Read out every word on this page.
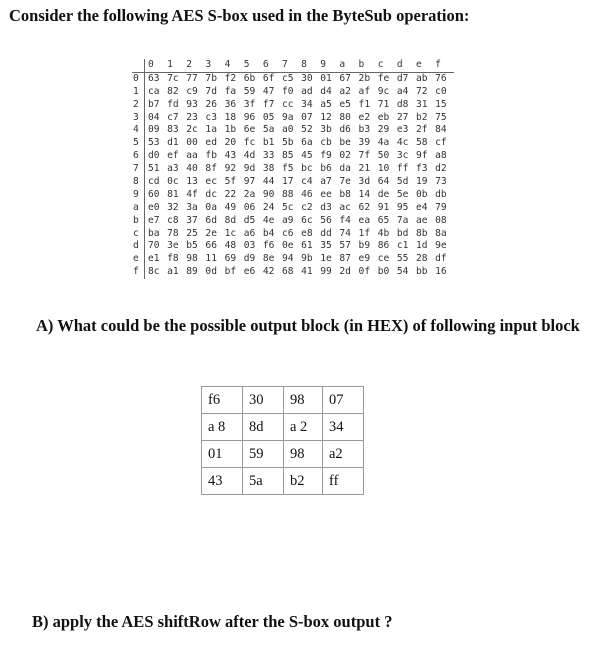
Consider the following AES S-box used in the ByteSub operation:
0	1	2	3	4	5	6	7	8	9	a	b	c	d	e	f
0 63 7c 77 7b f2 6b 6f c5 30 01 67 2b fe d7 ab 76
1 ca 82 c9 7d fa 59 47 f0 ad d4 a2 af 9c a4 72 c0
2 b7 fd 93 26 36 3f f7 cc 34 a5 e5 f1 71 d8 31 15
3 04 c7 23 c3 18 96 05 9a 07 12 80 e2 eb 27 b2 75
4 09 83 2c 1a 1b 6e 5a a0 52 3b d6 b3 29 e3 2f 84
5 53 d1 00 ed 20 fc b1 5b 6a cb be 39 4a 4c 58 cf
6 d0 ef aa fb 43 4d 33 85 45 f9 02 7f 50 3c 9f a8
7 51 a3 40 8f 92 9d 38 f5 bc b6 da 21 10 ff f3 d2
8 cd 0c 13 ec 5f 97 44 17 c4 a7 7e 3d 64 5d 19 73
9 60 81 4f dc 22 2a 90 88 46 ee b8 14 de 5e 0b db
a e0 32 3a 0a 49 06 24 5c c2 d3 ac 62 91 95 e4 79
b e7 c8 37 6d 8d d5 4e a9 6c 56 f4 ea 65 7a ae 08
c ba 78 25 2e 1c a6 b4 c6 e8 dd 74 1f 4b bd 8b 8a
d 70 3e b5 66 48 03 f6 0e 61 35 57 b9 86 c1 1d 9e
e e1 f8 98 11 69 d9 8e 94 9b 1e 87 e9 ce 55 28 df
f 8c a1 89 0d bf e6 42 68 41 99 2d 0f b0 54 bb 16
A) What could be the possible output block (in HEX) of following input block
f6	30	98	07
a 8	8d	a 2	34
01	59	98	a2
43	5a	b2	ff
B) apply the AES shiftRow after the S-box output ?
